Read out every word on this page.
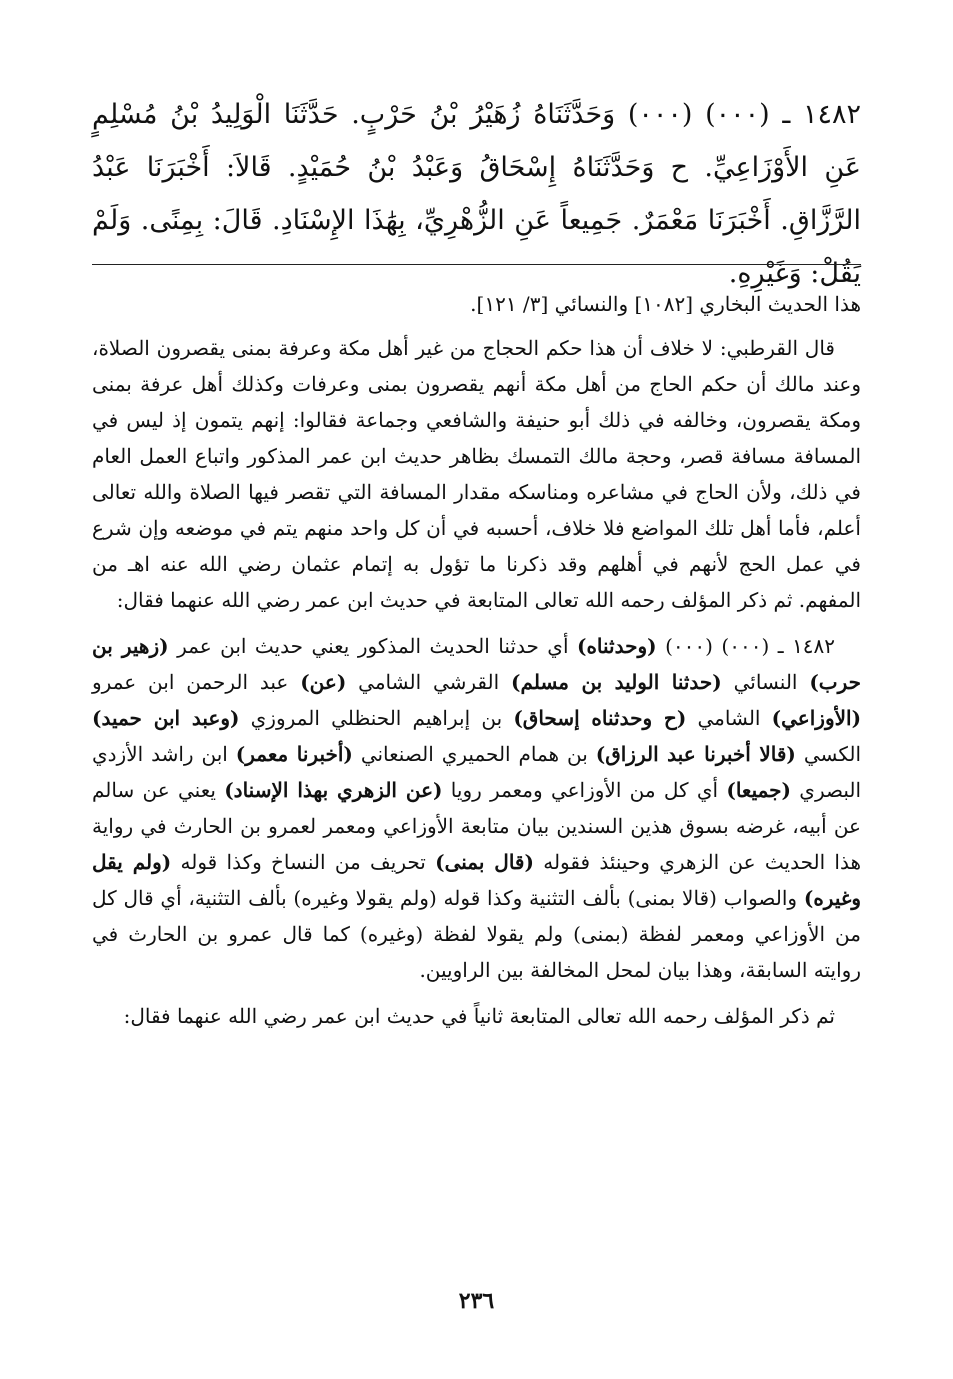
١٤٨٢ ـ (٠٠٠) (٠٠٠) وَحَدَّثَنَاهُ زُهَيْرُ بْنُ حَرْبٍ. حَدَّثَنَا الْوَلِيدُ بْنُ مُسْلِمٍ عَنِ الأَوْزَاعِيِّ. ح وَحَدَّثَنَاهُ إِسْحَاقُ وَعَبْدُ بْنُ حُمَيْدٍ. قَالاَ: أَخْبَرَنَا عَبْدُ الرَّزَّاقِ. أَخْبَرَنَا مَعْمَرٌ. جَمِيعاً عَنِ الزُّهْرِيِّ، بِهَٰذَا الإِسْنَادِ. قَالَ: بِمِنًى. وَلَمْ يَقُلْ: وَغَيْرِهِ.

هذا الحديث البخاري [١٠٨٢] والنسائي [٣/ ١٢١].

قال القرطبي: لا خلاف أن هذا حكم الحجاج من غير أهل مكة وعرفة بمنى يقصرون الصلاة، وعند مالك أن حكم الحاج من أهل مكة أنهم يقصرون بمنى وعرفات وكذلك أهل عرفة بمنى ومكة يقصرون، وخالفه في ذلك أبو حنيفة والشافعي وجماعة فقالوا: إنهم يتمون إذ ليس في المسافة مسافة قصر، وحجة مالك التمسك بظاهر حديث ابن عمر المذكور واتباع العمل العام في ذلك، ولأن الحاج في مشاعره ومناسكه مقدار المسافة التي تقصر فيها الصلاة والله تعالى أعلم، فأما أهل تلك المواضع فلا خلاف، أحسبه في أن كل واحد منهم يتم في موضعه وإن شرع في عمل الحج لأنهم في أهلهم وقد ذكرنا ما تؤول به إتمام عثمان رضي الله عنه اهـ من المفهم. ثم ذكر المؤلف رحمه الله تعالى المتابعة في حديث ابن عمر رضي الله عنهما فقال:

١٤٨٢ ـ (٠٠٠) (٠٠٠) (وحدثناه) أي حدثنا الحديث المذكور يعني حديث ابن عمر (زهير بن حرب) النسائي (حدثنا الوليد بن مسلم) القرشي الشامي (عن) عبد الرحمن ابن عمرو (الأوزاعي) الشامي (ح وحدثناه إسحاق) بن إبراهيم الحنظلي المروزي (وعبد ابن حميد) الكسي (قالا أخبرنا عبد الرزاق) بن همام الحميري الصنعاني (أخبرنا معمر) ابن راشد الأزدي البصري (جميعا) أي كل من الأوزاعي ومعمر رويا (عن الزهري بهذا الإسناد) يعني عن سالم عن أبيه، غرضه بسوق هذين السندين بيان متابعة الأوزاعي ومعمر لعمرو بن الحارث في رواية هذا الحديث عن الزهري وحينئذ فقوله (قال بمنى) تحريف من النساخ وكذا قوله (ولم يقل وغيره) والصواب (قالا بمنى) بألف التثنية وكذا قوله (ولم يقولا وغيره) بألف التثنية، أي قال كل من الأوزاعي ومعمر لفظة (بمنى) ولم يقولا لفظة (وغيره) كما قال عمرو بن الحارث في روايته السابقة، وهذا بيان لمحل المخالفة بين الراويين.

ثم ذكر المؤلف رحمه الله تعالى المتابعة ثانياً في حديث ابن عمر رضي الله عنهما فقال:

٢٣٦
